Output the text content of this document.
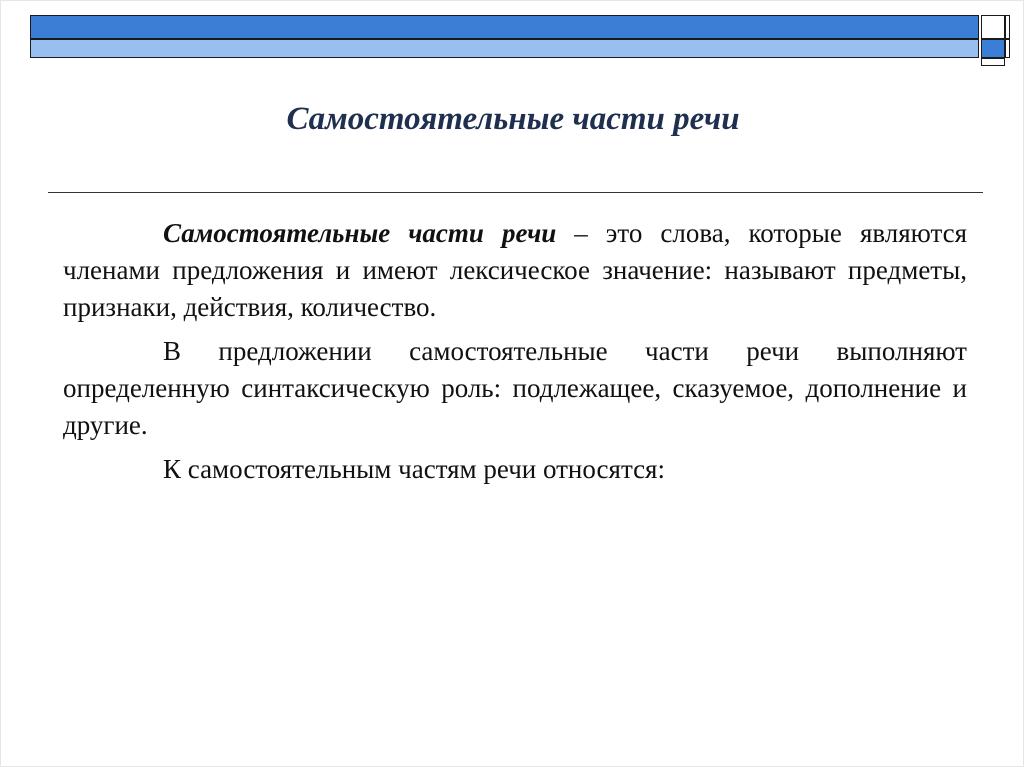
Самостоятельные части речи

Самостоятельные части речи – это слова, которые являются членами предложения и имеют лексическое значение: называют предметы, признаки, действия, количество.

В предложении самостоятельные части речи выполняют определенную синтаксическую роль: подлежащее, сказуемое, дополнение и другие.

К самостоятельным частям речи относятся:
